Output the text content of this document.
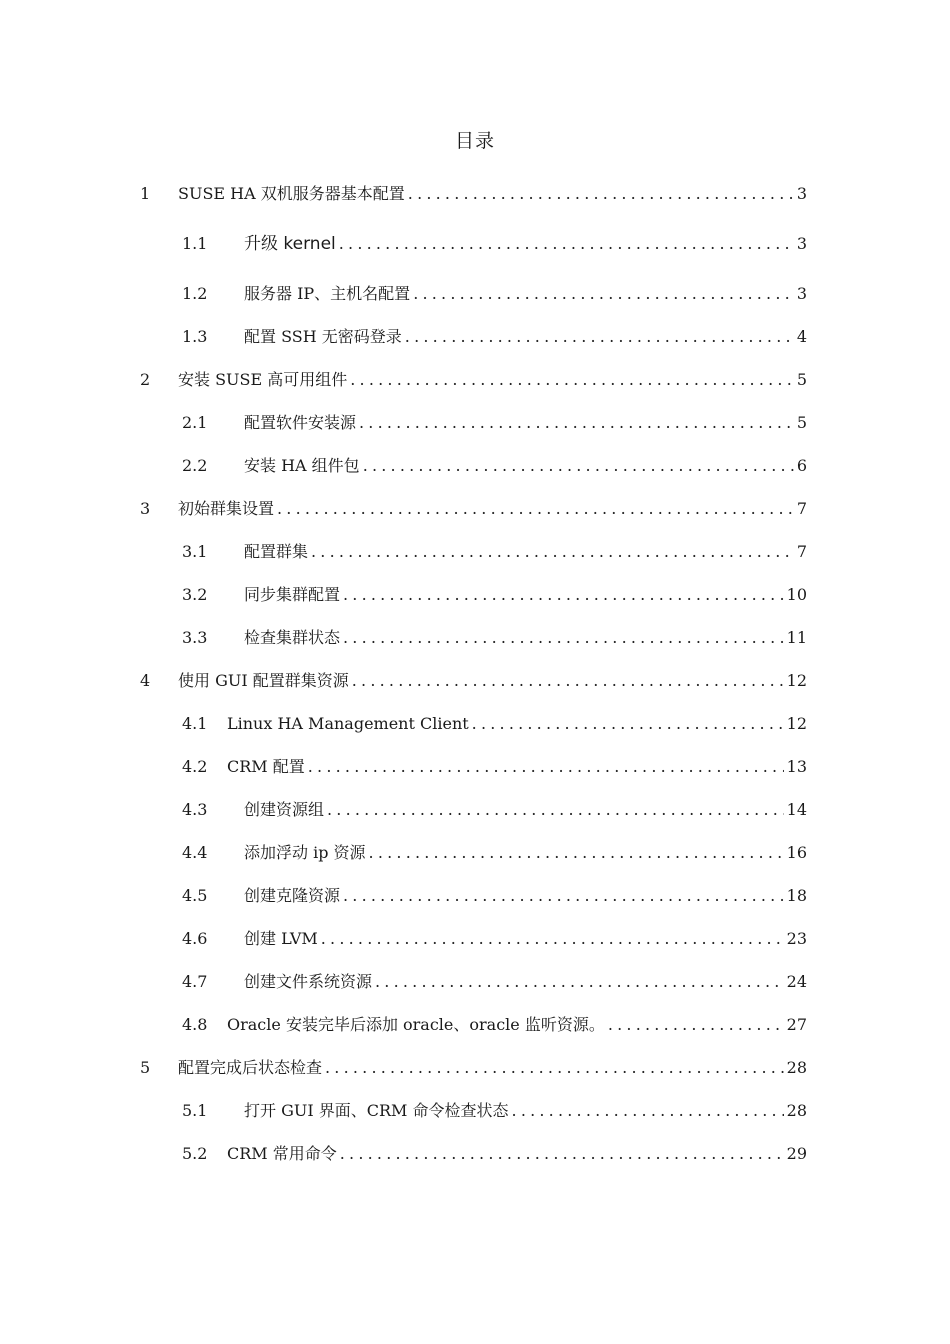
目录
1	SUSE HA 双机服务器基本配置 .....	3
1.1	升级 kernel .....	3
1.2	服务器 IP、主机名配置 .....	3
1.3	配置 SSH 无密码登录 .....	4
2	安装 SUSE 高可用组件 .....	5
2.1	配置软件安装源 .....	5
2.2	安装 HA 组件包 .....	6
3	初始群集设置 .....	7
3.1	配置群集 .....	7
3.2	同步集群配置 .....	10
3.3	检查集群状态 .....	11
4	使用 GUI 配置群集资源 .....	12
4.1	Linux HA Management Client .....	12
4.2	CRM 配置 .....	13
4.3	创建资源组 .....	14
4.4	添加浮动 ip 资源 .....	16
4.5	创建克隆资源 .....	18
4.6	创建 LVM .....	23
4.7	创建文件系统资源 .....	24
4.8	Oracle 安装完毕后添加 oracle、oracle 监听资源。 .....	27
5	配置完成后状态检查 .....	28
5.1	打开 GUI 界面、CRM 命令检查状态 .....	28
5.2	CRM 常用命令 .....	29
